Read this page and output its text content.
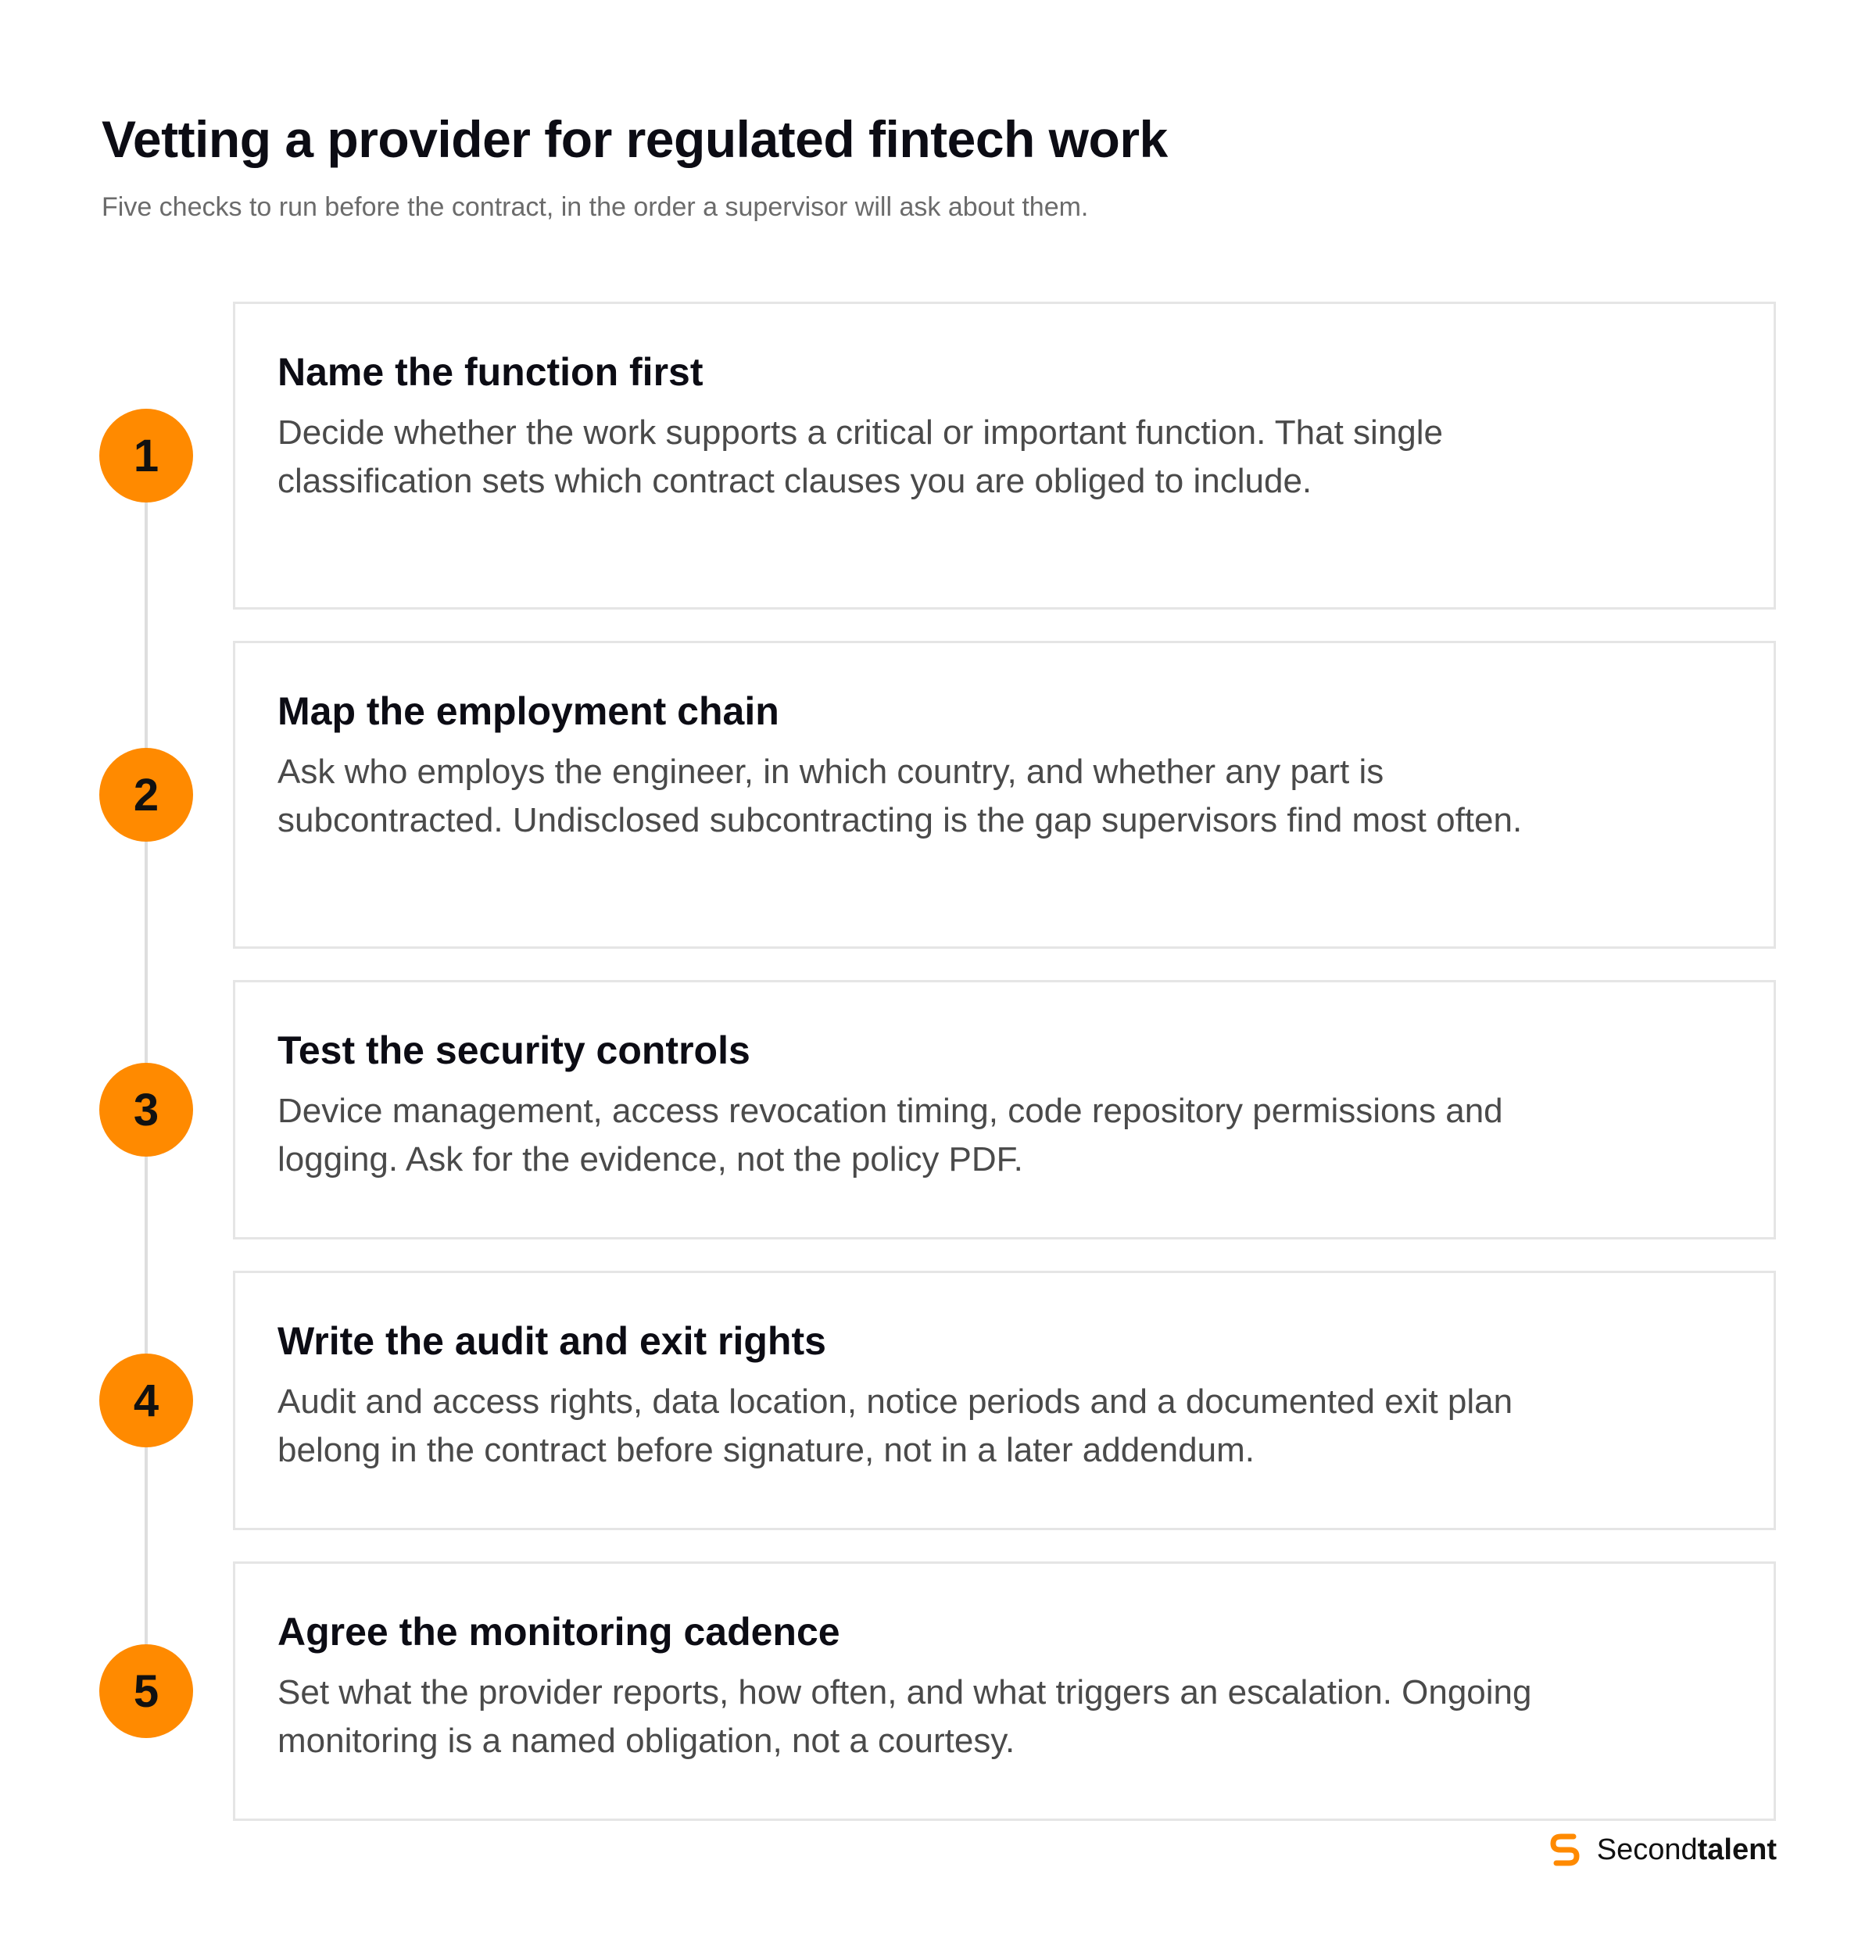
Vetting a provider for regulated fintech work
Five checks to run before the contract, in the order a supervisor will ask about them.
Name the function first
Decide whether the work supports a critical or important function. That single classification sets which contract clauses you are obliged to include.
1
Map the employment chain
Ask who employs the engineer, in which country, and whether any part is subcontracted. Undisclosed subcontracting is the gap supervisors find most often.
2
Test the security controls
Device management, access revocation timing, code repository permissions and logging. Ask for the evidence, not the policy PDF.
3
Write the audit and exit rights
Audit and access rights, data location, notice periods and a documented exit plan belong in the contract before signature, not in a later addendum.
4
Agree the monitoring cadence
Set what the provider reports, how often, and what triggers an escalation. Ongoing monitoring is a named obligation, not a courtesy.
5
Secondtalent
